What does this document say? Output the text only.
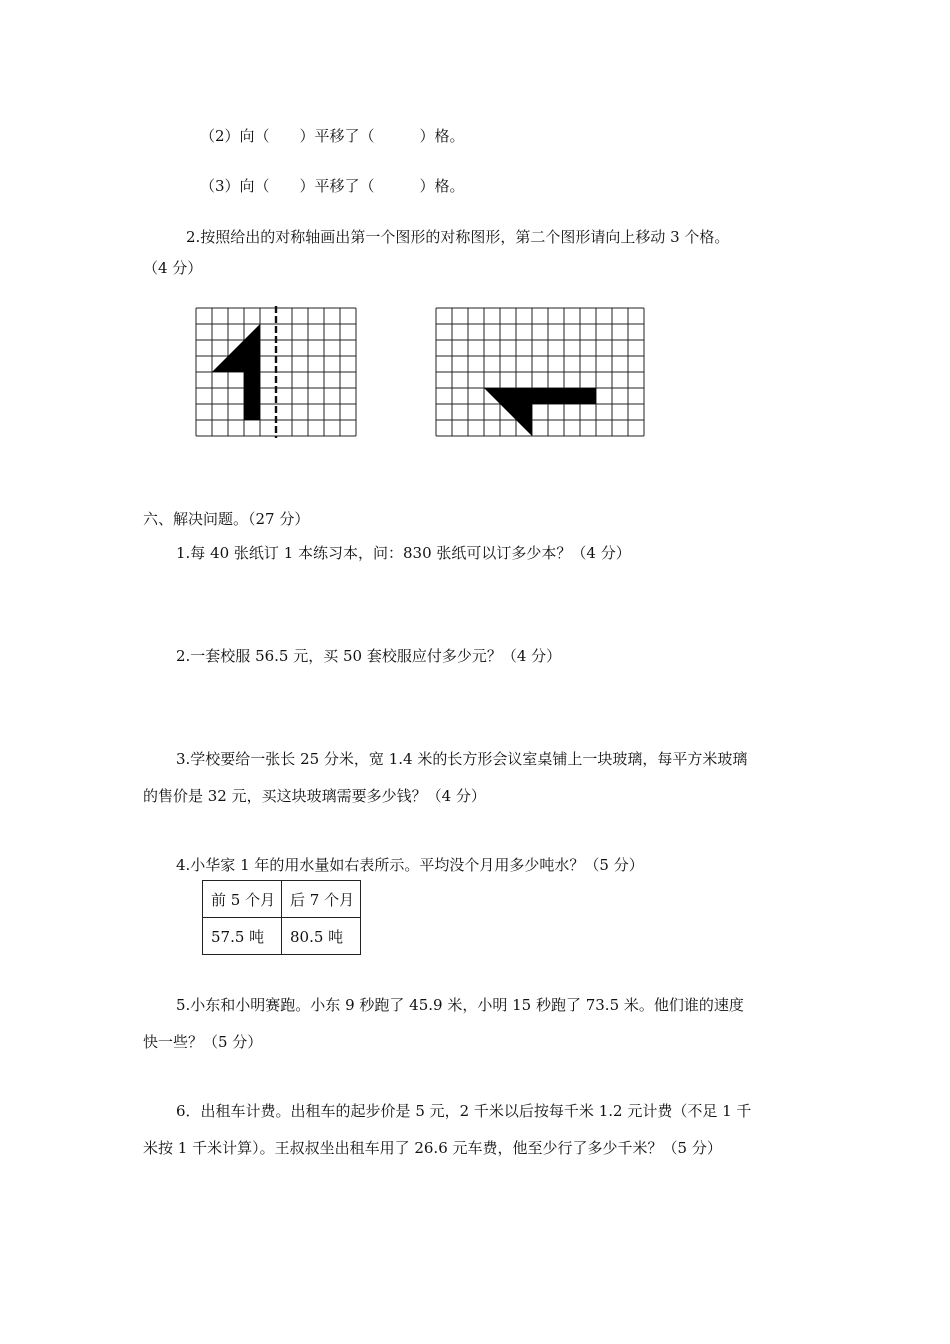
（2）向（　　）平移了（　　　）格。
（3）向（　　）平移了（　　　）格。
2.按照给出的对称轴画出第一个图形的对称图形，第二个图形请向上移动 3 个格。
（4 分）
六、解决问题。（27 分）
1.每 40 张纸订 1 本练习本，问：830 张纸可以订多少本？（4 分）
2.一套校服 56.5 元，买 50 套校服应付多少元？（4 分）
3.学校要给一张长 25 分米，宽 1.4 米的长方形会议室桌铺上一块玻璃，每平方米玻璃
的售价是 32 元，买这块玻璃需要多少钱？（4 分）
4.小华家 1 年的用水量如右表所示。平均没个月用多少吨水？（5 分）
前 5 个月	后 7 个月
57.5 吨	80.5 吨
5.小东和小明赛跑。小东 9 秒跑了 45.9 米，小明 15 秒跑了 73.5 米。他们谁的速度
快一些？（5 分）
6．出租车计费。出租车的起步价是 5 元，2 千米以后按每千米 1.2 元计费（不足 1 千
米按 1 千米计算）。王叔叔坐出租车用了 26.6 元车费，他至少行了多少千米？（5 分）
